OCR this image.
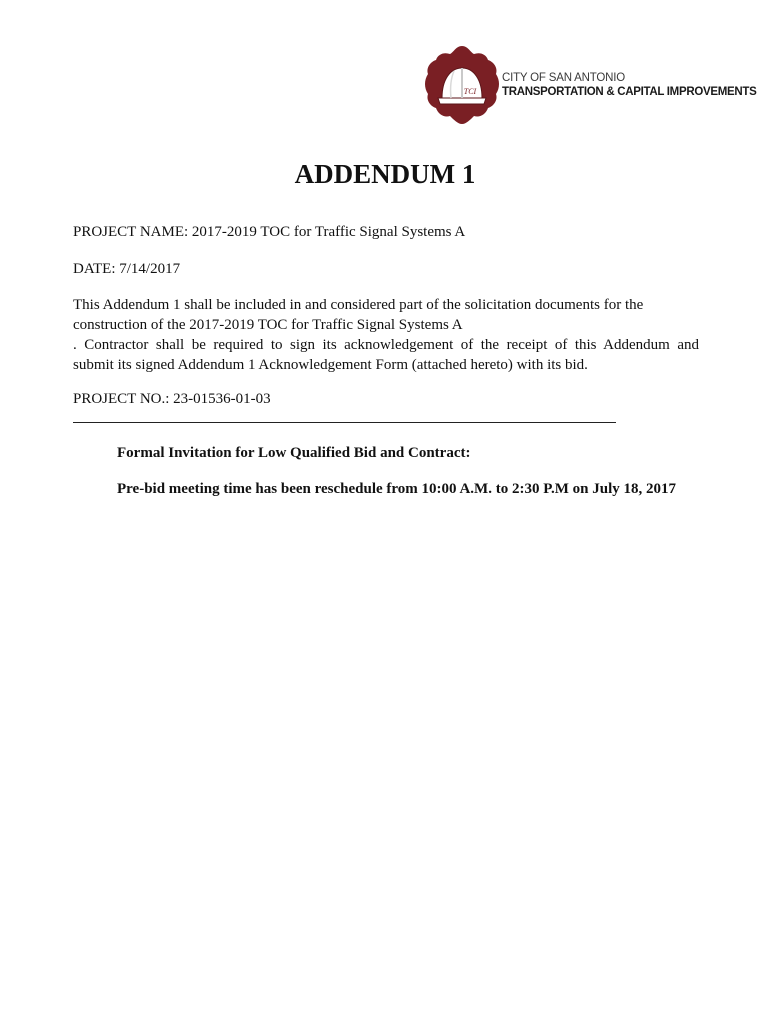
TCI
CITY OF SAN ANTONIO
TRANSPORTATION & CAPITAL IMPROVEMENTS
ADDENDUM 1

PROJECT NAME: 2017-2019 TOC for Traffic Signal Systems A

DATE: 7/14/2017

This Addendum 1 shall be included in and considered part of the solicitation documents for the
construction of the 2017-2019 TOC for Traffic Signal Systems A
. Contractor shall be required to sign its acknowledgement of the receipt of this Addendum and
submit its signed Addendum 1 Acknowledgement Form (attached hereto) with its bid.

PROJECT NO.: 23-01536-01-03

Formal Invitation for Low Qualified Bid and Contract:

Pre-bid meeting time has been reschedule from 10:00 A.M. to 2:30 P.M on July 18, 2017
